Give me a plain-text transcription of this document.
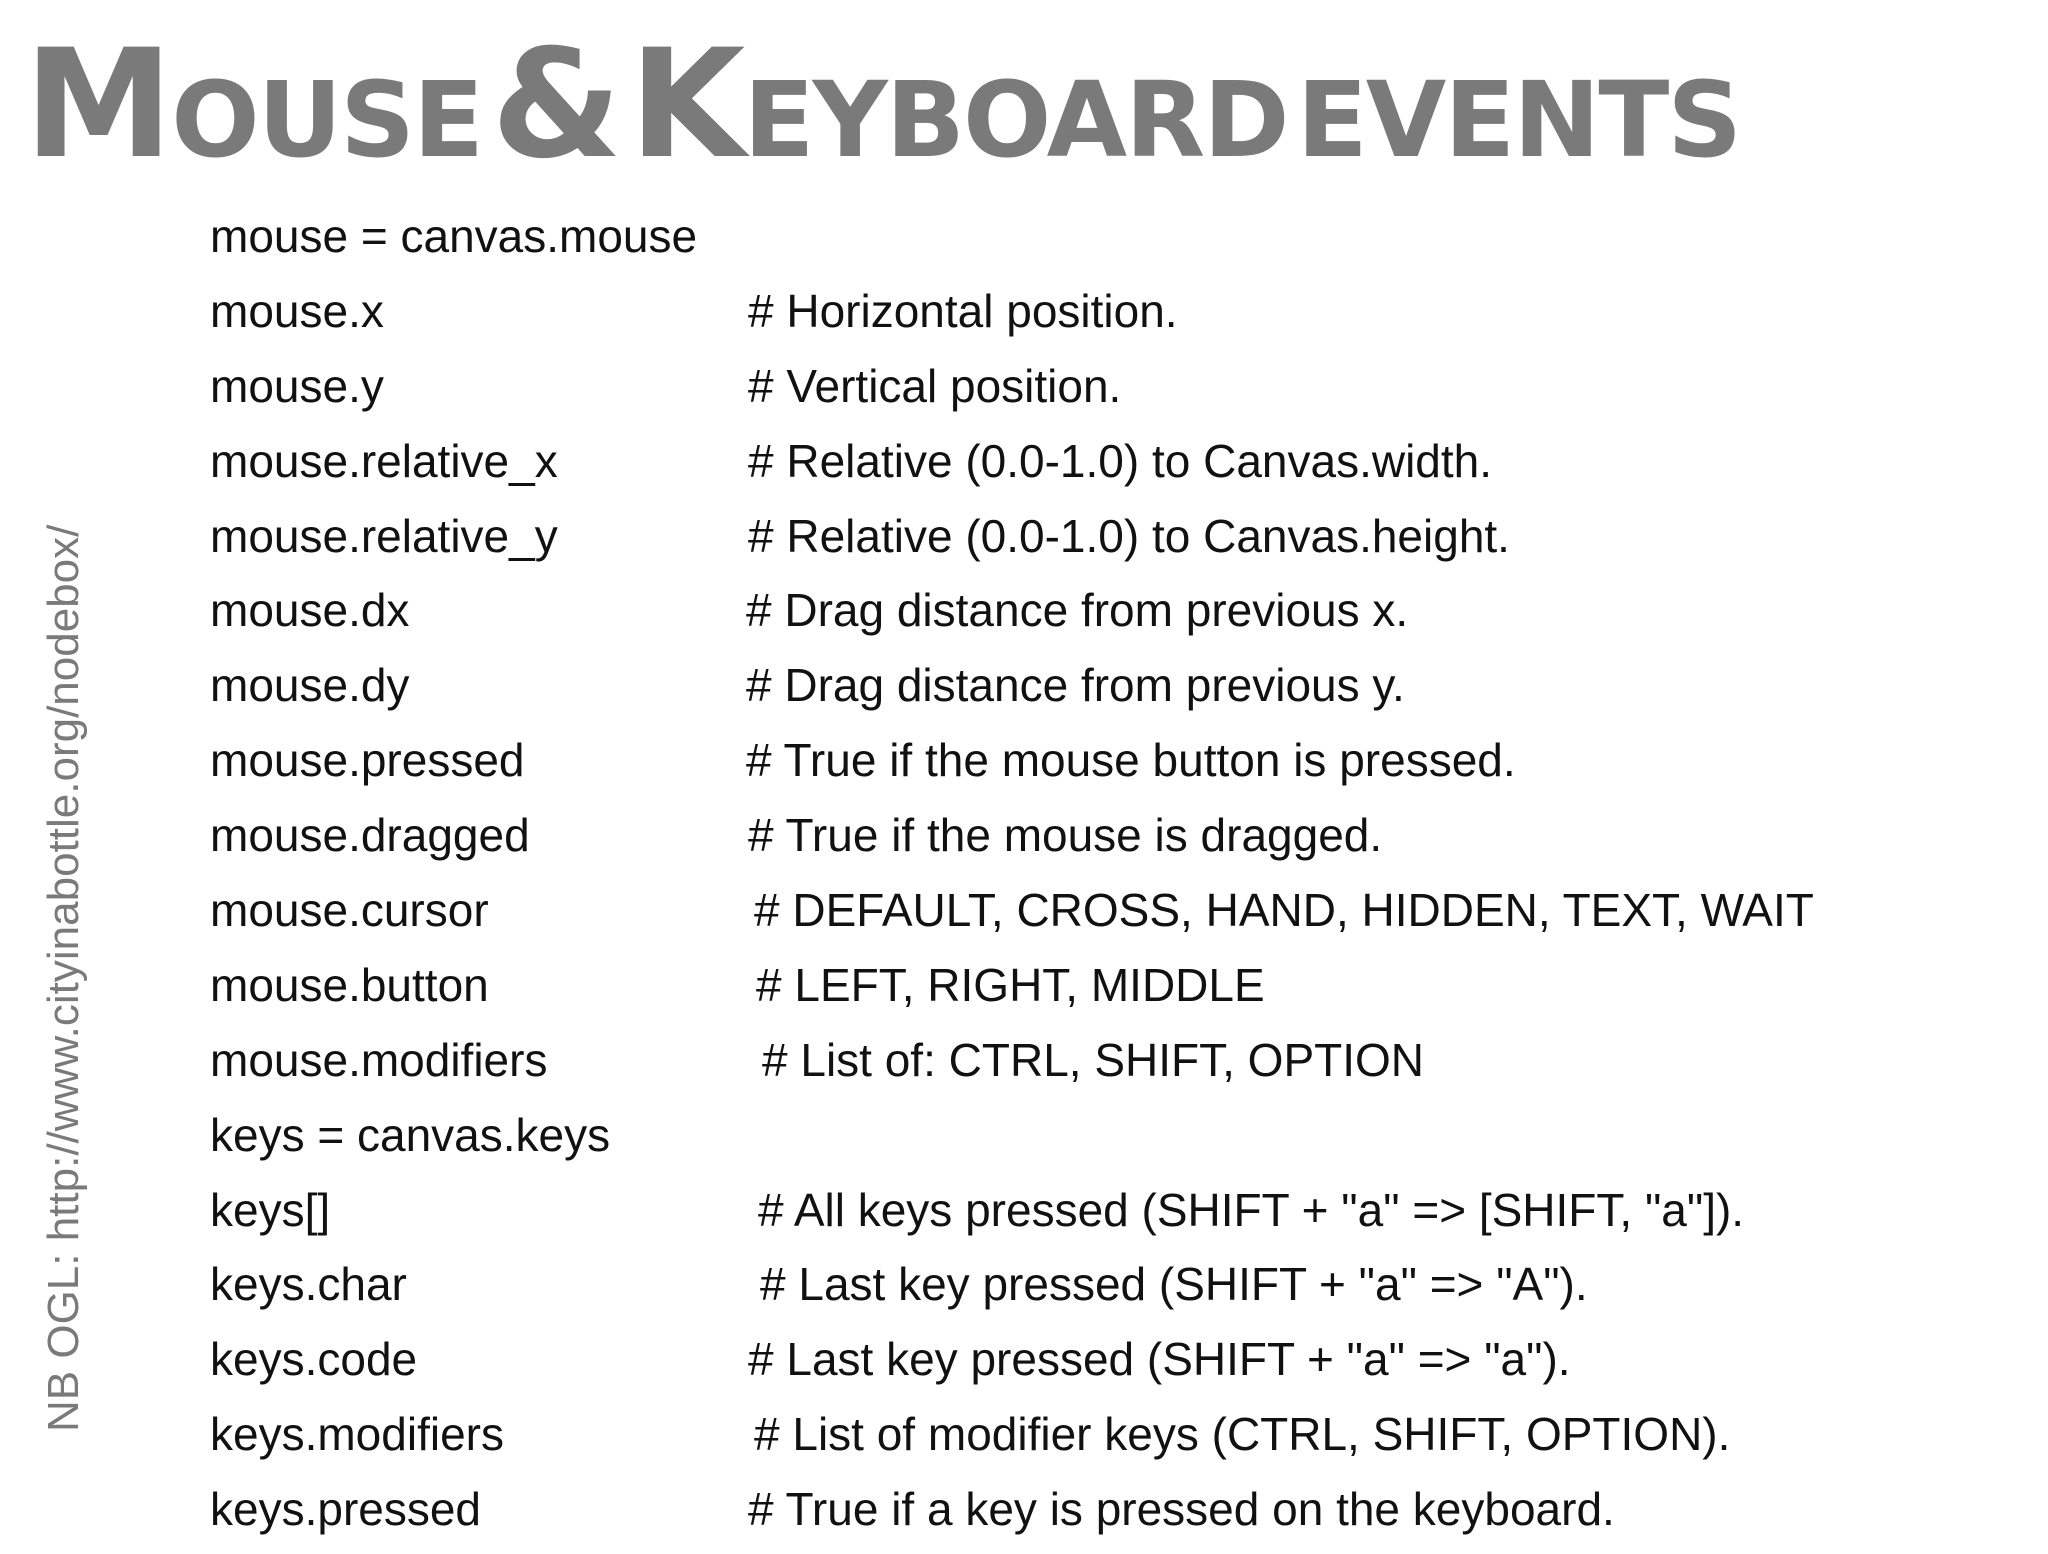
MOUSE & KEYBOARD EVENTS
NB OGL: http://www.cityinabottle.org/nodebox/
mouse = canvas.mouse
mouse.x	# Horizontal position.
mouse.y	# Vertical position.
mouse.relative_x	# Relative (0.0-1.0) to Canvas.width.
mouse.relative_y	# Relative (0.0-1.0) to Canvas.height.
mouse.dx	# Drag distance from previous x.
mouse.dy	# Drag distance from previous y.
mouse.pressed	# True if the mouse button is pressed.
mouse.dragged	# True if the mouse is dragged.
mouse.cursor	# DEFAULT, CROSS, HAND, HIDDEN, TEXT, WAIT
mouse.button	# LEFT, RIGHT, MIDDLE
mouse.modifiers	# List of: CTRL, SHIFT, OPTION
keys = canvas.keys
keys[]	# All keys pressed (SHIFT + "a" => [SHIFT, "a"]).
keys.char	# Last key pressed (SHIFT + "a" => "A").
keys.code	# Last key pressed (SHIFT + "a" => "a").
keys.modifiers	# List of modifier keys (CTRL, SHIFT, OPTION).
keys.pressed	# True if a key is pressed on the keyboard.
